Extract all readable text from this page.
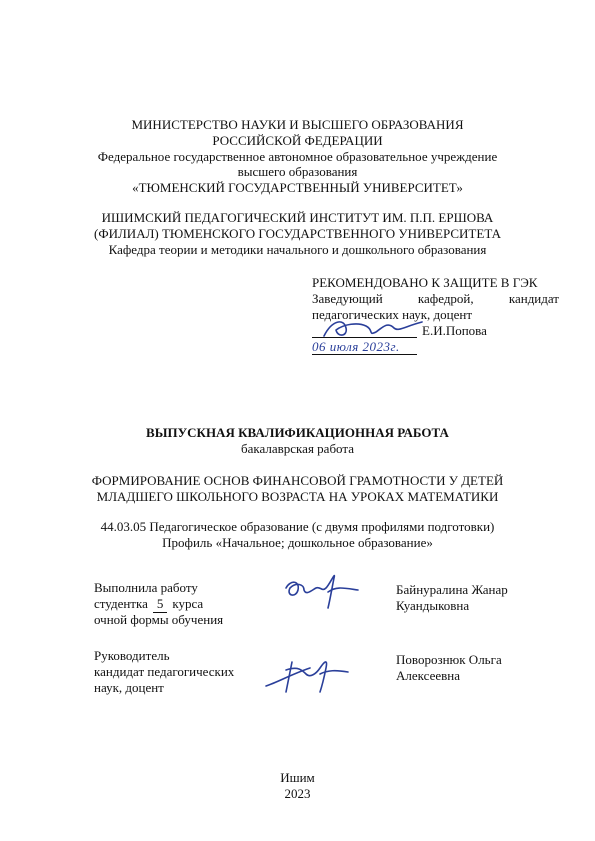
МИНИСТЕРСТВО НАУКИ И ВЫСШЕГО ОБРАЗОВАНИЯ
РОССИЙСКОЙ ФЕДЕРАЦИИ
Федеральное государственное автономное образовательное учреждение
высшего образования
«ТЮМЕНСКИЙ ГОСУДАРСТВЕННЫЙ УНИВЕРСИТЕТ»
ИШИМСКИЙ ПЕДАГОГИЧЕСКИЙ ИНСТИТУТ ИМ. П.П. ЕРШОВА
(ФИЛИАЛ) ТЮМЕНСКОГО ГОСУДАРСТВЕННОГО УНИВЕРСИТЕТА
Кафедра теории и методики начального и дошкольного образования
РЕКОМЕНДОВАНО К ЗАЩИТЕ В ГЭК
Заведующий	кафедрой,	кандидат
педагогических наук, доцент
Е.И.Попова
06 июля 2023г.
ВЫПУСКНАЯ КВАЛИФИКАЦИОННАЯ РАБОТА
бакалаврская работа
ФОРМИРОВАНИЕ ОСНОВ ФИНАНСОВОЙ ГРАМОТНОСТИ У ДЕТЕЙ
МЛАДШЕГО ШКОЛЬНОГО ВОЗРАСТА НА УРОКАХ МАТЕМАТИКИ
44.03.05 Педагогическое образование (с двумя профилями подготовки)
Профиль «Начальное; дошкольное образование»
Выполнила работу
студентка 5 курса
очной формы обучения
Байнуралина Жанар
Куандыковна
Руководитель
кандидат педагогических
наук, доцент
Поворознюк Ольга
Алексеевна
Ишим
2023
